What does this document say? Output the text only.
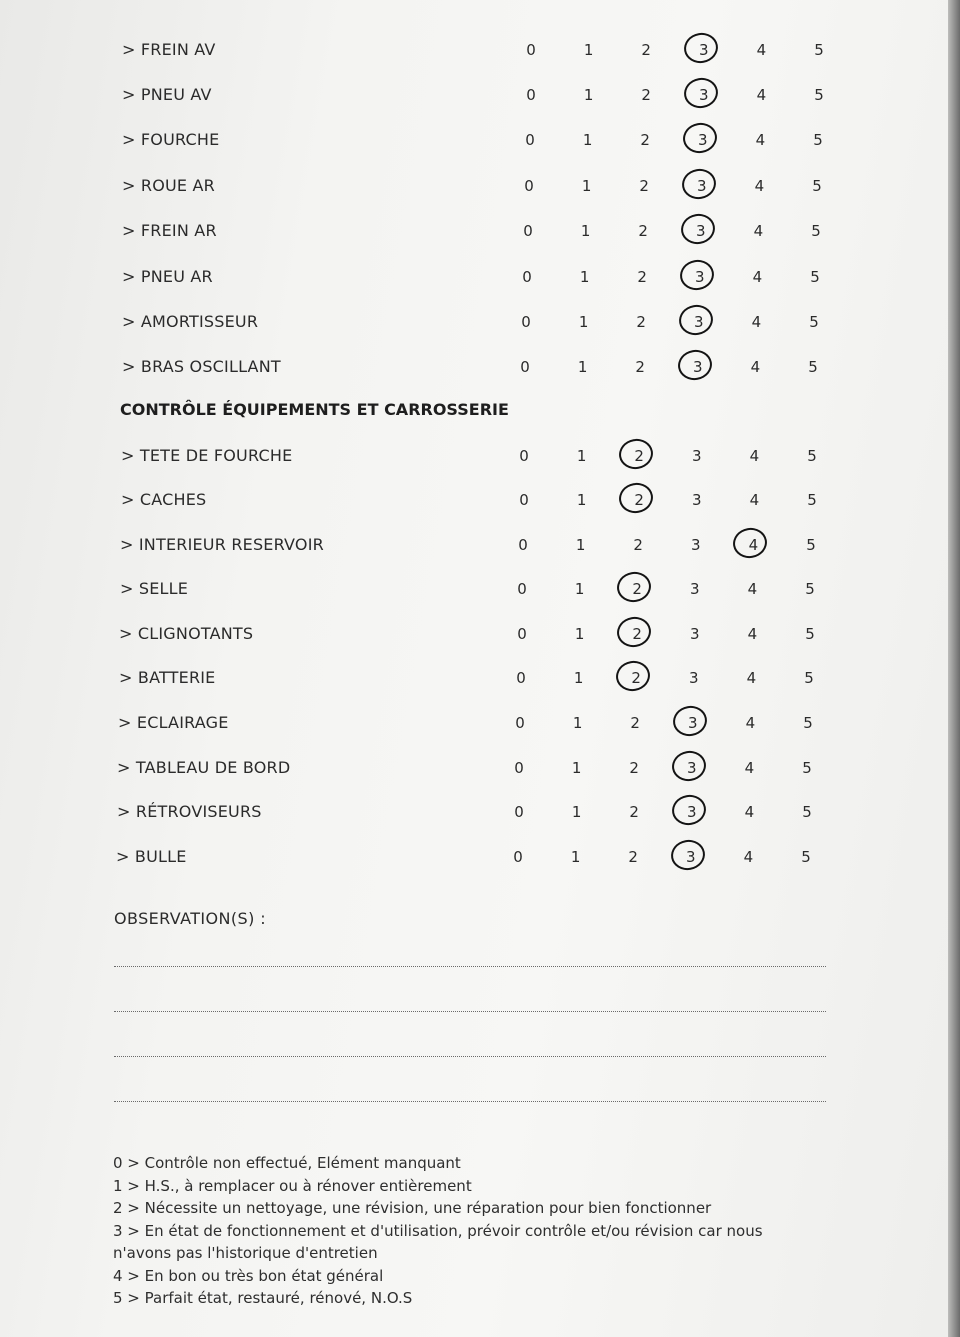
> FREIN AV	0	1	2	3	4	5
> PNEU AV	0	1	2	3	4	5
> FOURCHE	0	1	2	3	4	5
> ROUE AR	0	1	2	3	4	5
> FREIN AR	0	1	2	3	4	5
> PNEU AR	0	1	2	3	4	5
> AMORTISSEUR	0	1	2	3	4	5
> BRAS OSCILLANT	0	1	2	3	4	5
> TETE DE FOURCHE	0	1	2	3	4	5
> CACHES	0	1	2	3	4	5
> INTERIEUR RESERVOIR	0	1	2	3	4	5
> SELLE	0	1	2	3	4	5
> CLIGNOTANTS	0	1	2	3	4	5
> BATTERIE	0	1	2	3	4	5
> ECLAIRAGE	0	1	2	3	4	5
> TABLEAU DE BORD	0	1	2	3	4	5
> RÉTROVISEURS	0	1	2	3	4	5
> BULLE	0	1	2	3	4	5
CONTRÔLE ÉQUIPEMENTS ET CARROSSERIE
OBSERVATION(S) :

0 > Contrôle non effectué, Elément manquant

1 > H.S., à remplacer ou à rénover entièrement

2 > Nécessite un nettoyage, une révision, une réparation pour bien fonctionner

3 > En état de fonctionnement et d'utilisation, prévoir contrôle et/ou révision car nous n'avons pas l'historique d'entretien

4 > En bon ou très bon état général

5 > Parfait état, restauré, rénové, N.O.S
